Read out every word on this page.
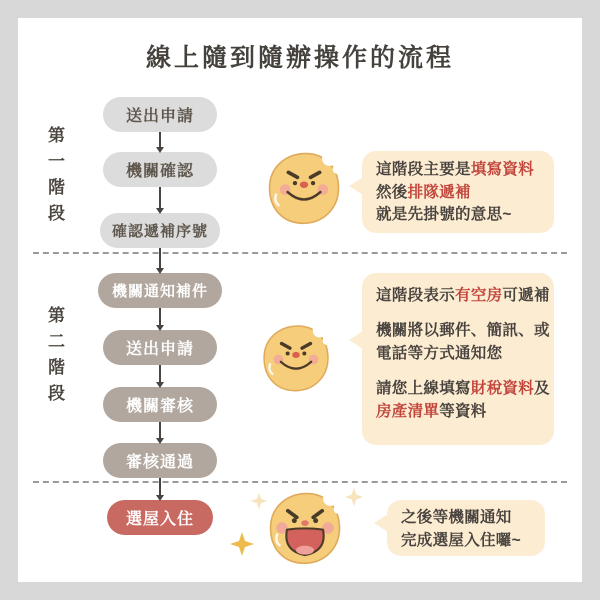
線上隨到隨辦操作的流程
第一階段
第二階段
送出申請
機關確認
確認遞補序號
機關通知補件
送出申請
機關審核
審核通過
選屋入住
這階段主要是填寫資料
然後排隊遞補
就是先掛號的意思~
這階段表示有空房可遞補
機關將以郵件、簡訊、或
電話等方式通知您
請您上線填寫財稅資料及
房產清單等資料
之後等機關通知
完成選屋入住囉~
